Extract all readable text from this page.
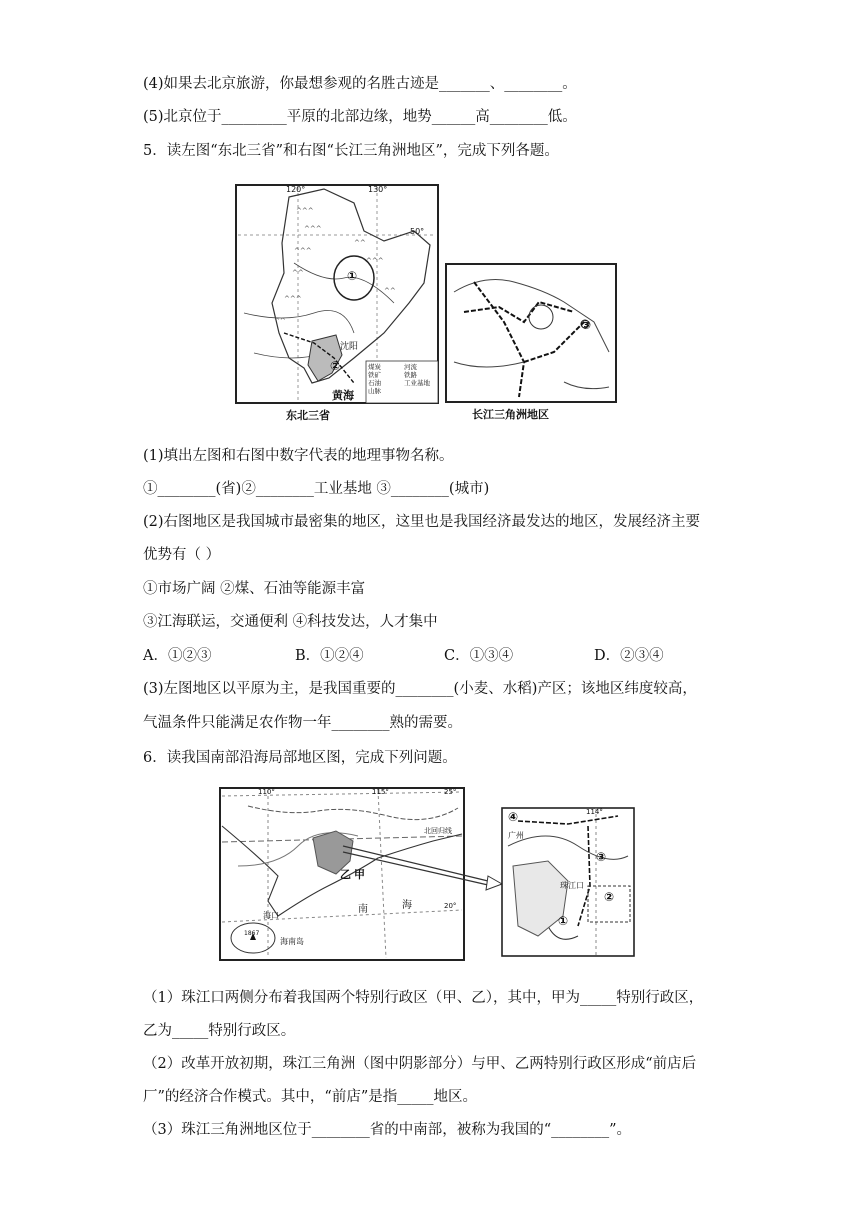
(4)如果去北京旅游，你最想参观的名胜古迹是_______、________。
(5)北京位于_________平原的北部边缘，地势______高________低。
5．读左图“东北三省”和右图“长江三角洲地区”，完成下列各题。
^^^
^^^
^^^
^^
^^^
^^
^^^
^^
^^
120°	130°
50°
①
②
沈阳
黄海
煤炭
铁矿
石油
山脉
河流
铁路
工业基地
东北三省
③
长江三角洲地区
(1)填出左图和右图中数字代表的地理事物名称。
①________(省)②________工业基地 ③________(城市)
(2)右图地区是我国城市最密集的地区，这里也是我国经济最发达的地区，发展经济主要
优势有（ ）
①市场广阔 ②煤、石油等能源丰富
③江海联运，交通便利 ④科技发达，人才集中
A．①②③	B．①②④	C．①③④	D．②③④
(3)左图地区以平原为主，是我国重要的________(小麦、水稻)产区；该地区纬度较高，
气温条件只能满足农作物一年________熟的需要。
6．读我国南部沿海局部地区图，完成下列问题。
110°	115°	25°
北回归线
甲
乙
南	海	20°
海口
1867
海南岛
114°
④
广州
③
珠江口
②
①
（1）珠江口两侧分布着我国两个特别行政区（甲、乙），其中，甲为_____特别行政区，
乙为_____特别行政区。
（2）改革开放初期，珠江三角洲（图中阴影部分）与甲、乙两特别行政区形成“前店后
厂”的经济合作模式。其中，“前店”是指_____地区。
（3）珠江三角洲地区位于________省的中南部，被称为我国的“________”。
